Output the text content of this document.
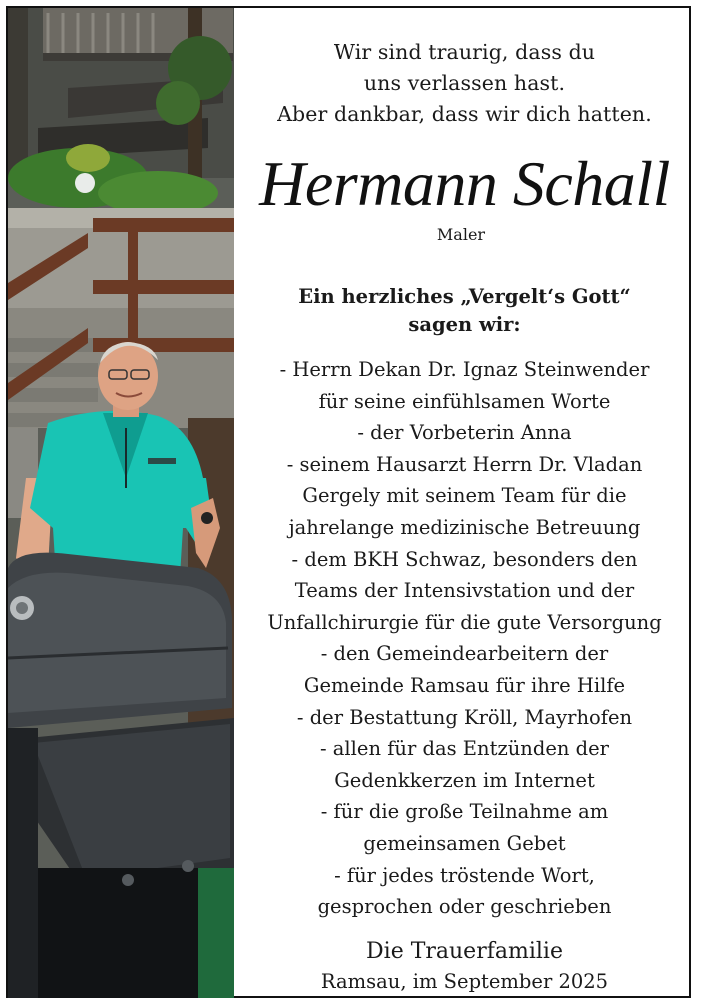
Wir sind traurig, dass du
uns verlassen hast.
Aber dankbar, dass wir dich hatten.
Hermann Schall
Maler
Ein herzliches „Vergelt‘s Gott“
sagen wir:
- Herrn Dekan Dr. Ignaz Steinwender
für seine einfühlsamen Worte
- der Vorbeterin Anna
- seinem Hausarzt Herrn Dr. Vladan
Gergely mit seinem Team für die
jahrelange medizinische Betreuung
- dem BKH Schwaz, besonders den
Teams der Intensivstation und der
Unfallchirurgie für die gute Versorgung
- den Gemeindearbeitern der
Gemeinde Ramsau für ihre Hilfe
- der Bestattung Kröll, Mayrhofen
- allen für das Entzünden der
Gedenkkerzen im Internet
- für die große Teilnahme am
gemeinsamen Gebet
- für jedes tröstende Wort,
gesprochen oder geschrieben
Die Trauerfamilie
Ramsau, im September 2025
